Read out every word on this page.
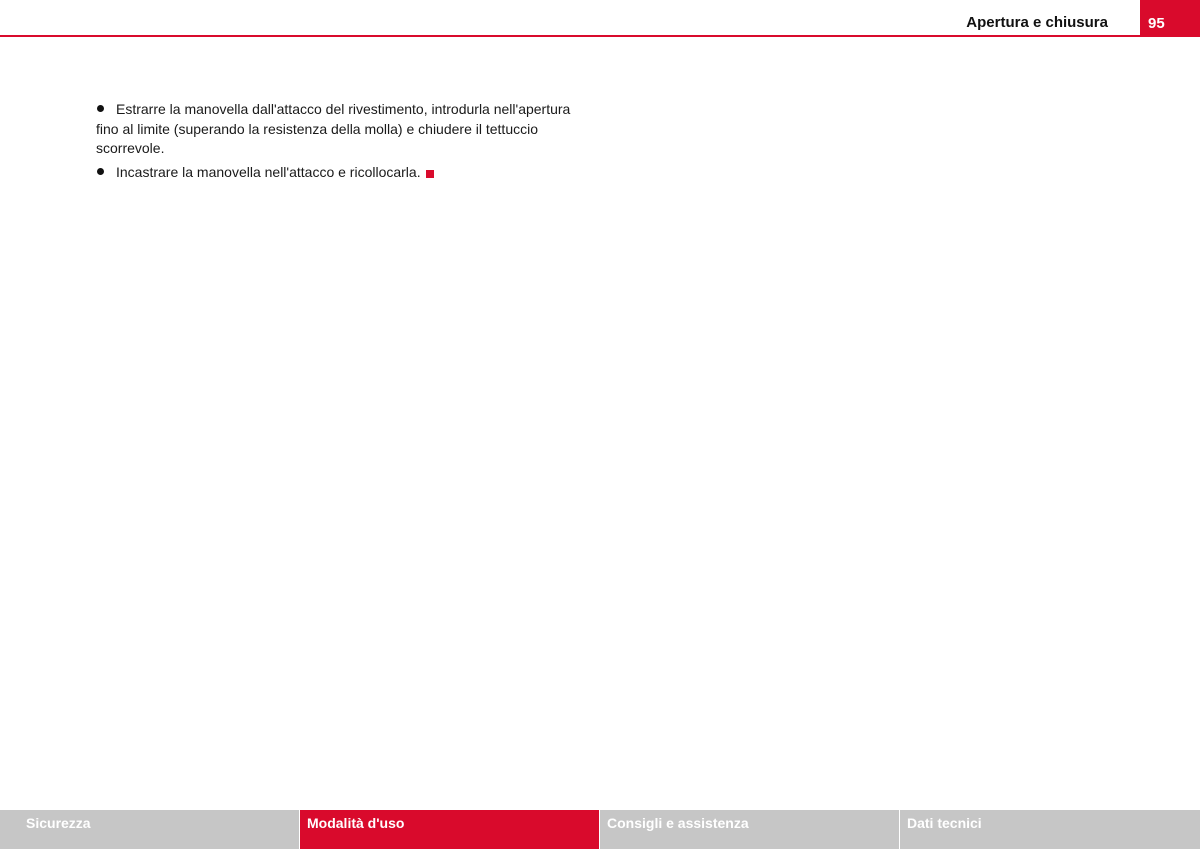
Apertura e chiusura	95
Estrarre la manovella dall'attacco del rivestimento, introdurla nell'apertura fino al limite (superando la resistenza della molla) e chiudere il tettuccio scorrevole.
Incastrare la manovella nell'attacco e ricollocarla.
Sicurezza	Modalità d'uso	Consigli e assistenza	Dati tecnici
